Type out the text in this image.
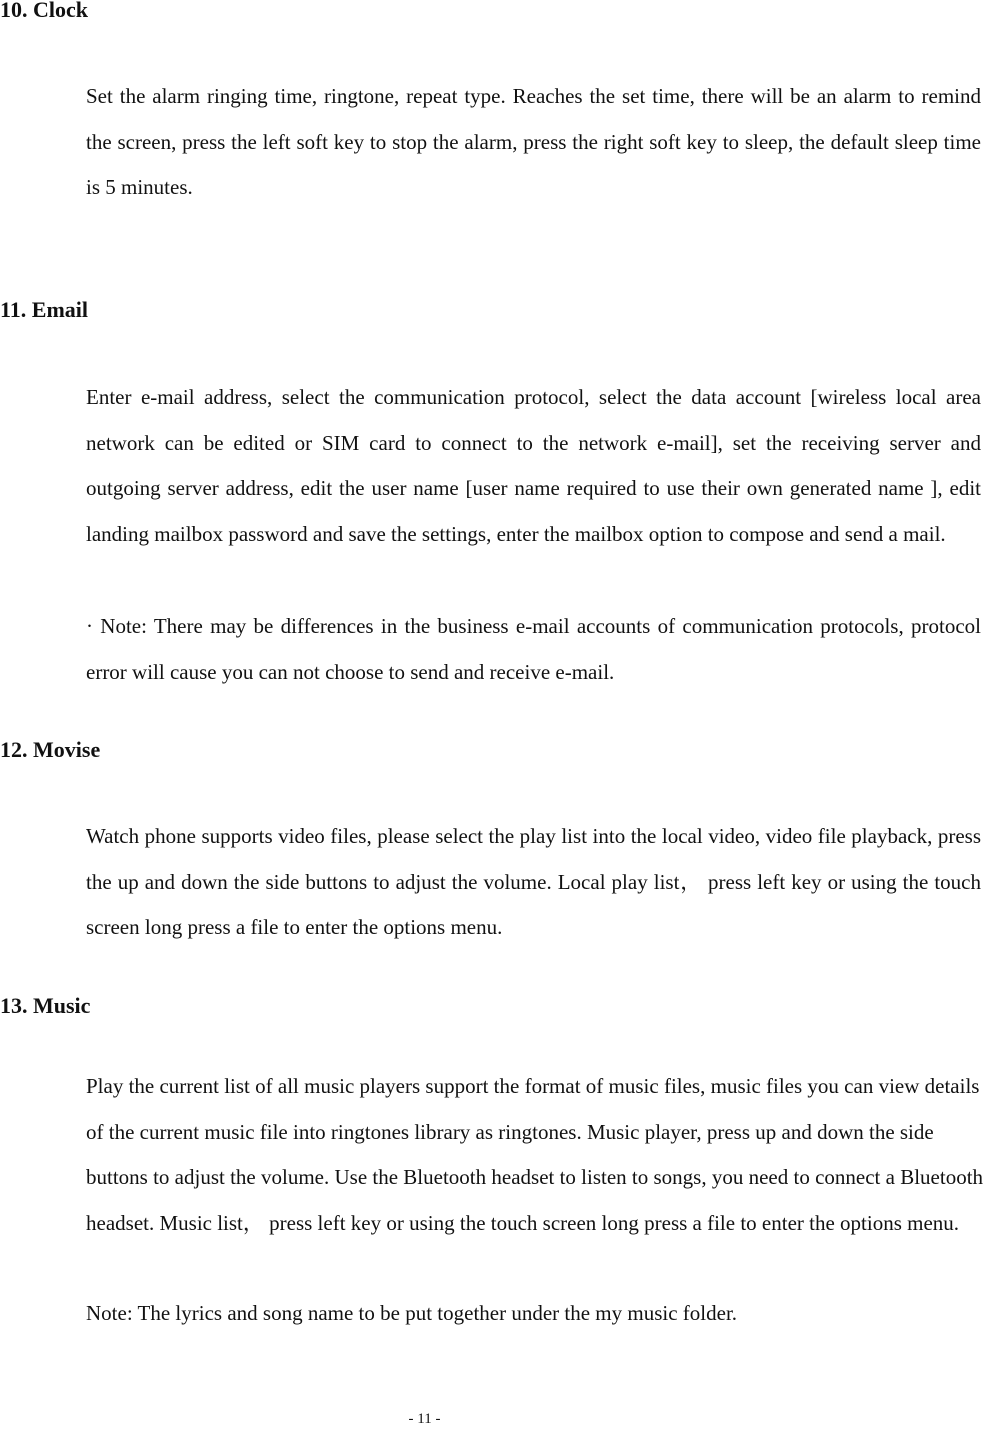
10. Clock

Set the alarm ringing time, ringtone, repeat type. Reaches the set time, there will be an alarm to remind the screen, press the left soft key to stop the alarm, press the right soft key to sleep, the default sleep time is 5 minutes.

11. Email

Enter e-mail address, select the communication protocol, select the data account [wireless local area network can be edited or SIM card to connect to the network e-mail], set the receiving server and outgoing server address, edit the user name [user name required to use their own generated name ], edit landing mailbox password and save the settings, enter the mailbox option to compose and send a mail.

· Note: There may be differences in the business e-mail accounts of communication protocols, protocol error will cause you can not choose to send and receive e-mail.

12. Movise

Watch phone supports video files, please select the play list into the local video, video file playback, press the up and down the side buttons to adjust the volume. Local play list， press left key or using the touch screen long press a file to enter the options menu.

13. Music

Play the current list of all music players support the format of music files, music files you can view details of the current music file into ringtones library as ringtones. Music player, press up and down the side buttons to adjust the volume. Use the Bluetooth headset to listen to songs, you need to connect a Bluetooth headset. Music list， press left key or using the touch screen long press a file to enter the options menu.

Note: The lyrics and song name to be put together under the my music folder.

- 11 -
